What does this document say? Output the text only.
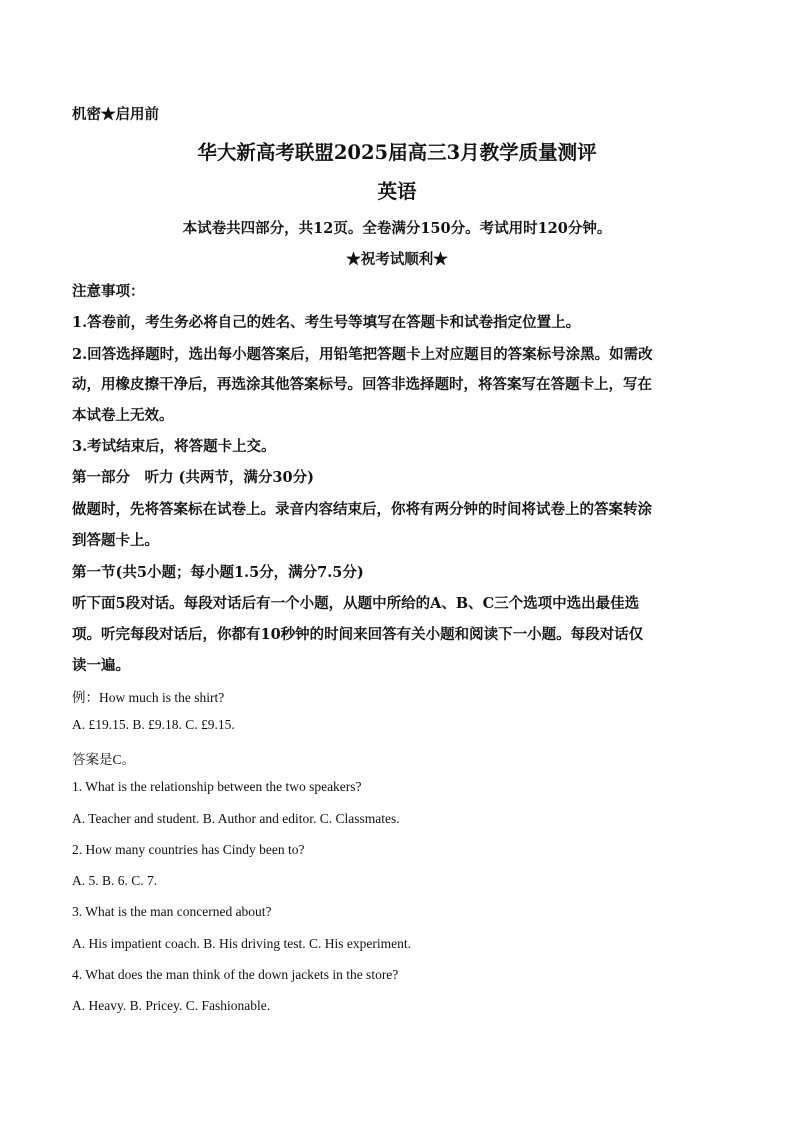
机密★启用前
华大新高考联盟2025届高三3月教学质量测评
英语
本试卷共四部分，共12页。全卷满分150分。考试用时120分钟。
★祝考试顺利★
注意事项：
1.答卷前，考生务必将自己的姓名、考生号等填写在答题卡和试卷指定位置上。
2.回答选择题时，选出每小题答案后，用铅笔把答题卡上对应题目的答案标号涂黑。如需改
动，用橡皮擦干净后，再选涂其他答案标号。回答非选择题时，将答案写在答题卡上，写在
本试卷上无效。
3.考试结束后，将答题卡上交。
第一部分　听力 (共两节，满分30分)
做题时，先将答案标在试卷上。录音内容结束后，你将有两分钟的时间将试卷上的答案转涂
到答题卡上。
第一节(共5小题；每小题1.5分，满分7.5分)
听下面5段对话。每段对话后有一个小题，从题中所给的A、B、C三个选项中选出最佳选
项。听完每段对话后，你都有10秒钟的时间来回答有关小题和阅读下一小题。每段对话仅
读一遍。
例：How much is the shirt?
A. £19.15. B. £9.18. C. £9.15.
答案是C。
1. What is the relationship between the two speakers?
A. Teacher and student. B. Author and editor. C. Classmates.
2. How many countries has Cindy been to?
A. 5. B. 6. C. 7.
3. What is the man concerned about?
A. His impatient coach. B. His driving test. C. His experiment.
4. What does the man think of the down jackets in the store?
A. Heavy. B. Pricey. C. Fashionable.
